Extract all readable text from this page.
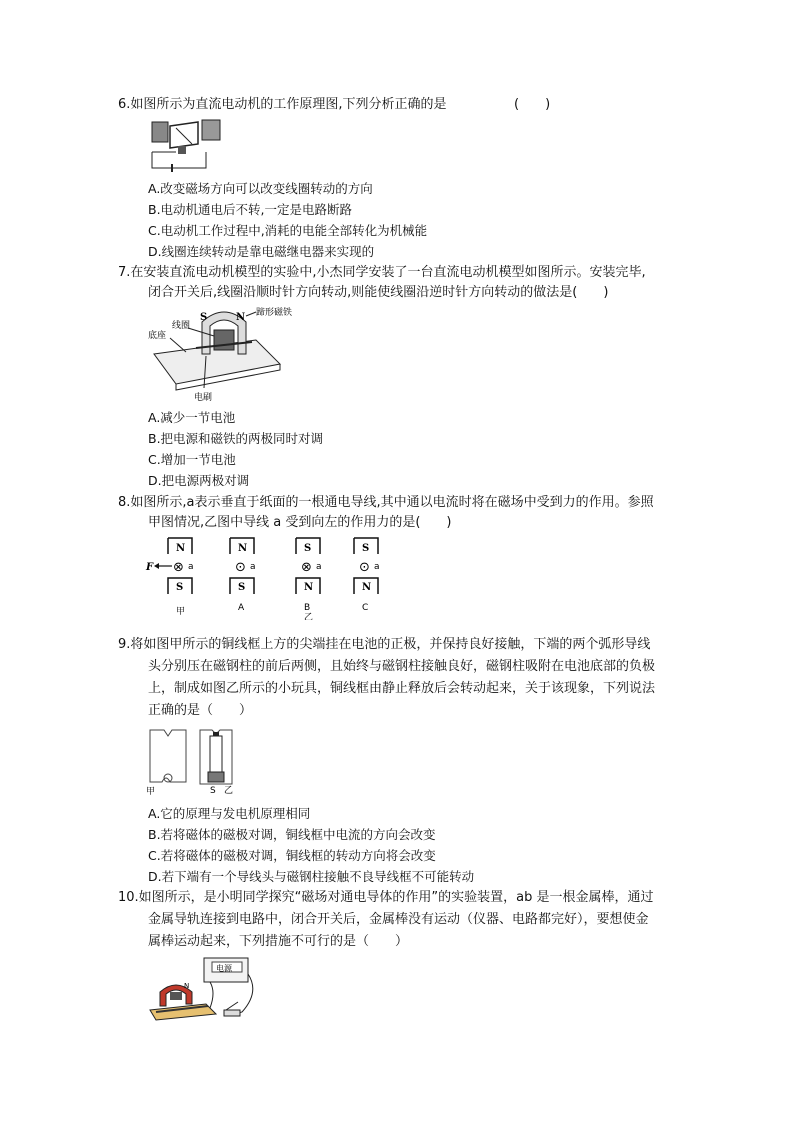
6.如图所示为直流电动机的工作原理图,下列分析正确的是	(　　)
A.改变磁场方向可以改变线圈转动的方向
B.电动机通电后不转,一定是电路断路
C.电动机工作过程中,消耗的电能全部转化为机械能
D.线圈连续转动是靠电磁继电器来实现的
7.在安装直流电动机模型的实验中,小杰同学安装了一台直流电动机模型如图所示。安装完毕,
闭合开关后,线圈沿顺时针方向转动,则能使线圈沿逆时针方向转动的做法是(　　)
线圈
底座
蹄形磁铁
电刷
S	N
A.减少一节电池
B.把电源和磁铁的两极同时对调
C.增加一节电池
D.把电源两极对调
8.如图所示,a表示垂直于纸面的一根通电导线,其中通以电流时将在磁场中受到力的作用。参照
甲图情况,乙图中导线 a 受到向左的作用力的是(　　)
N
⊗ a
F
S
甲
N
⊙ a
S
A
S
⊗ a
N
B
乙
S
⊙ a
N
C
9.将如图甲所示的铜线框上方的尖端挂在电池的正极，并保持良好接触，下端的两个弧形导线
头分别压在磁钢柱的前后两侧，且始终与磁钢柱接触良好，磁钢柱吸附在电池底部的负极
上，制成如图乙所示的小玩具，铜线框由静止释放后会转动起来，关于该现象，下列说法
正确的是（　　）
甲	S 乙
A.它的原理与发电机原理相同
B.若将磁体的磁极对调，铜线框中电流的方向会改变
C.若将磁体的磁极对调，铜线框的转动方向将会改变
D.若下端有一个导线头与磁钢柱接触不良导线框不可能转动
10.如图所示，是小明同学探究“磁场对通电导体的作用”的实验装置，ab 是一根金属棒，通过
金属导轨连接到电路中，闭合开关后，金属棒没有运动（仪器、电路都完好），要想使金
属棒运动起来，下列措施不可行的是（　　）
电源
N
